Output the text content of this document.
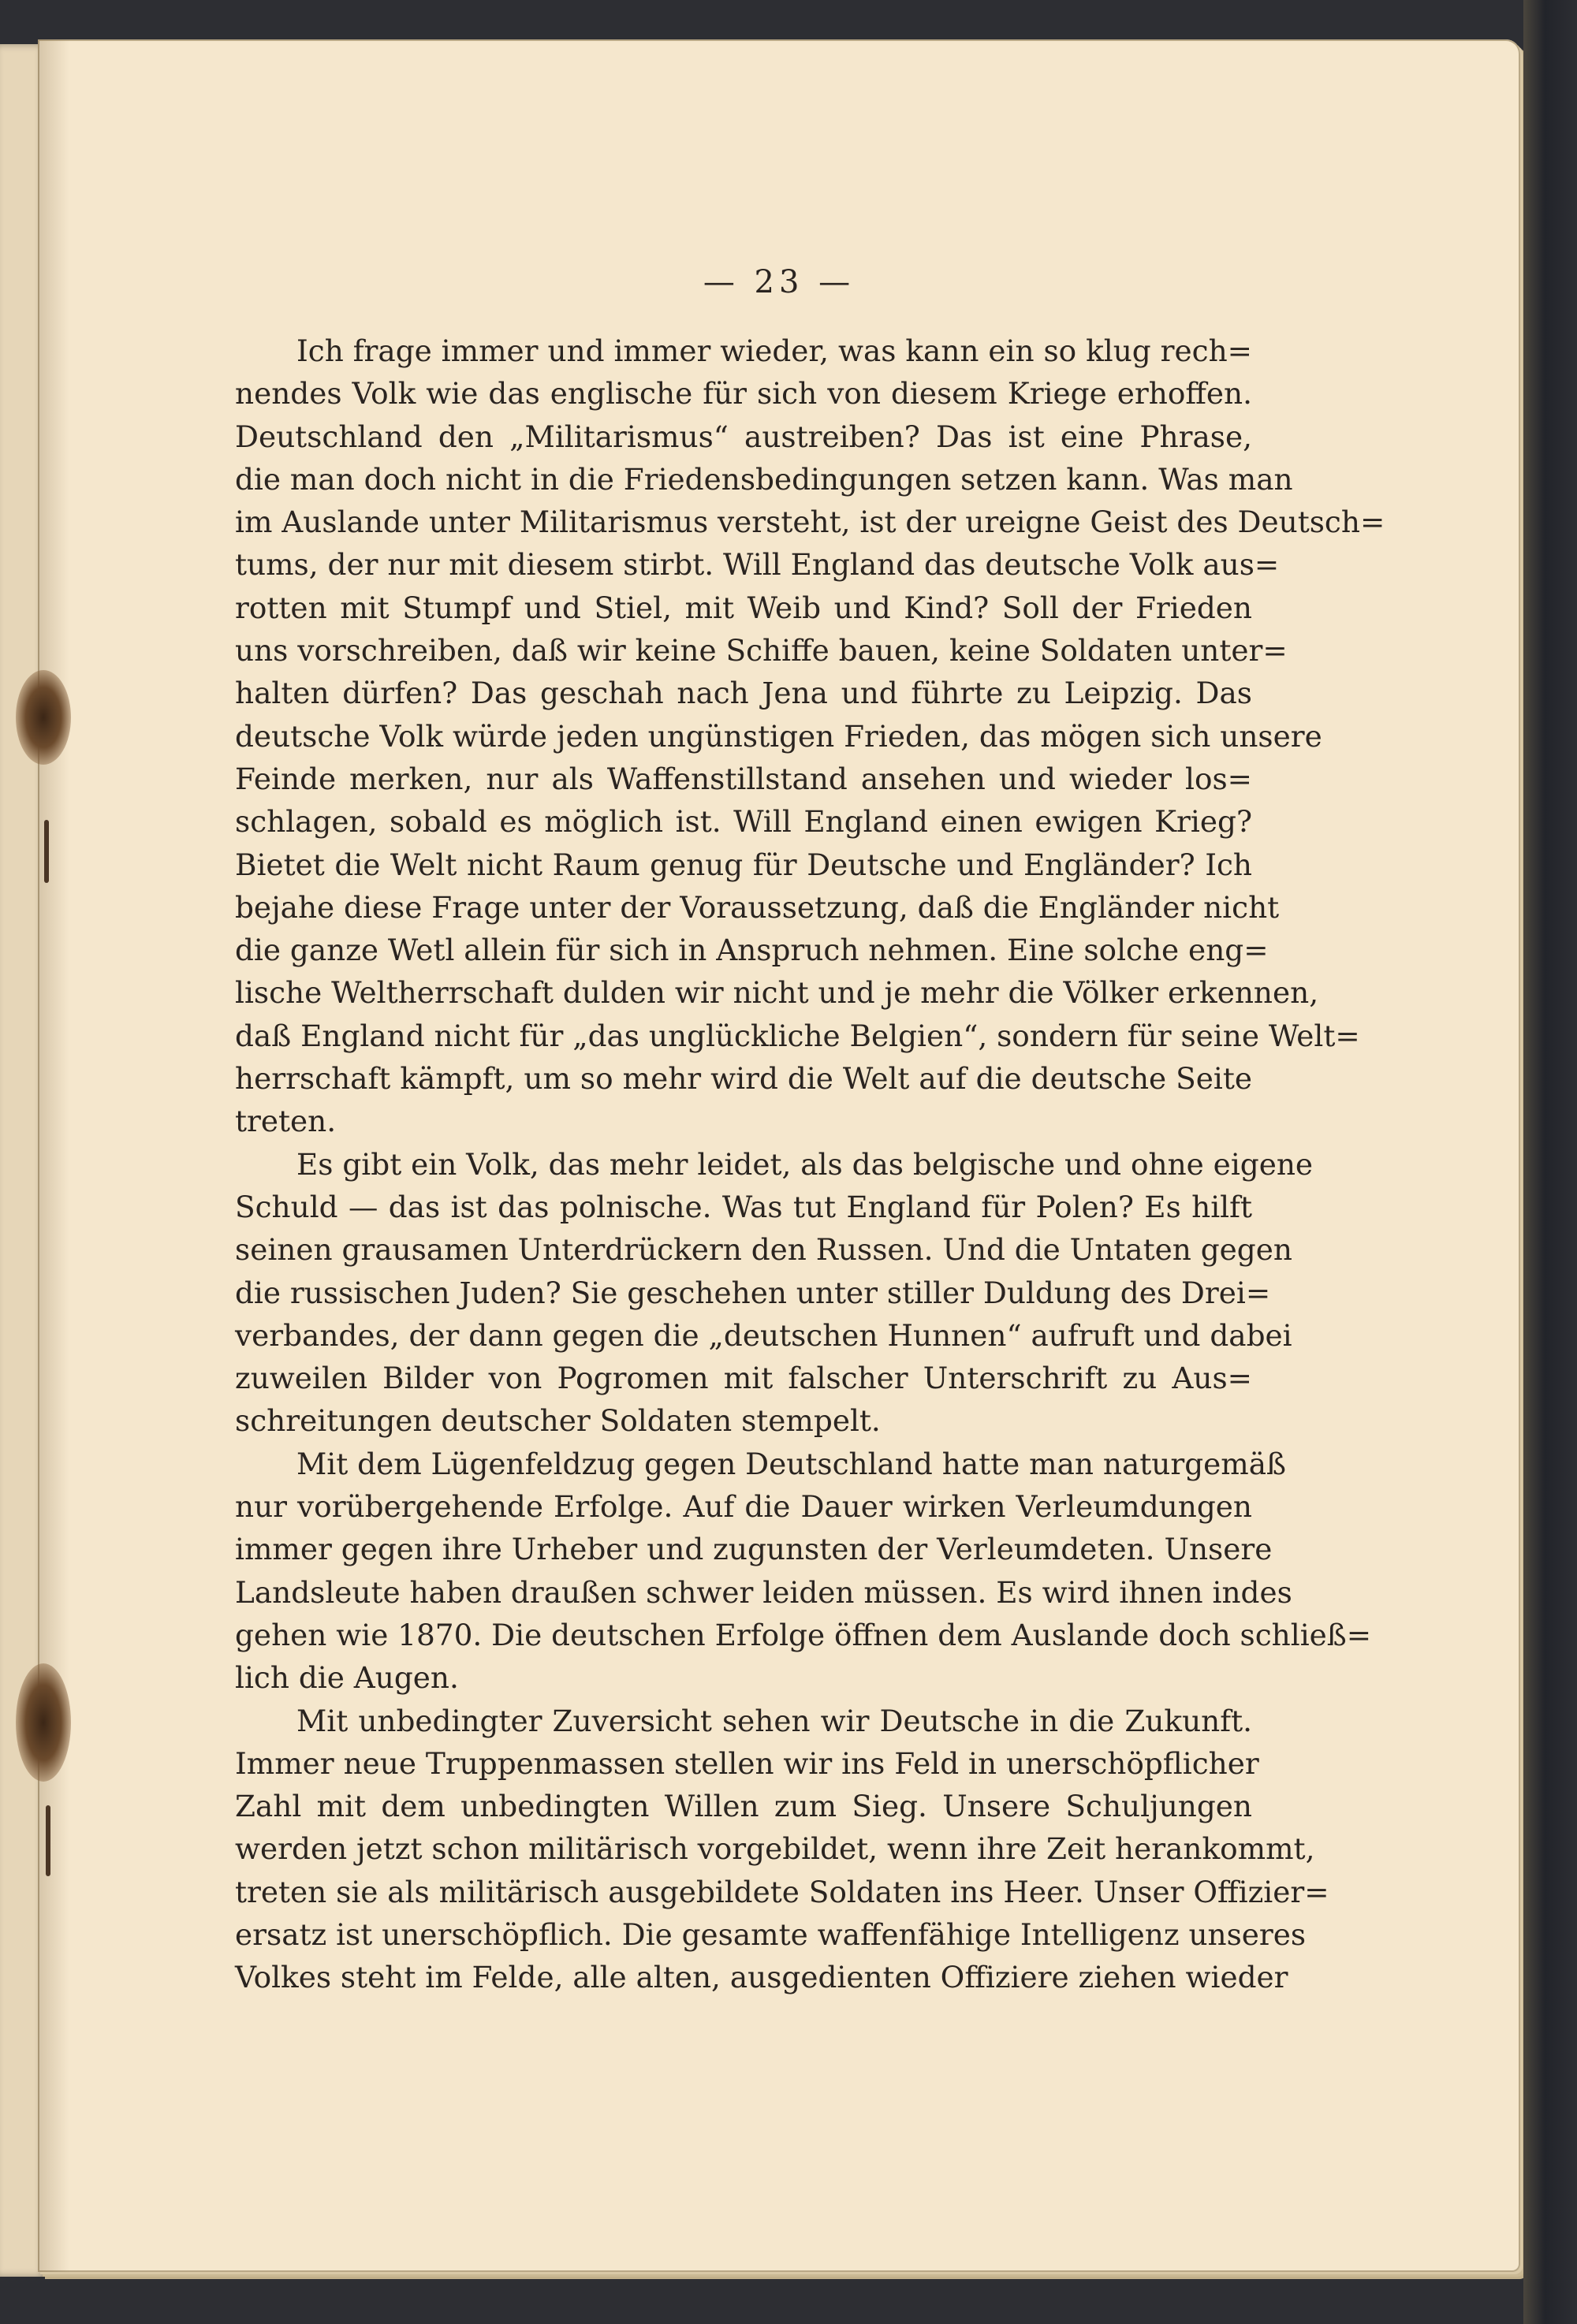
— 23 —
Ich frage immer und immer wieder, was kann ein so klug rech=
nendes Volk wie das englische für sich von diesem Kriege erhoffen.
Deutschland den „Militarismus“ austreiben? Das ist eine Phrase,
die man doch nicht in die Friedensbedingungen setzen kann. Was man
im Auslande unter Militarismus versteht, ist der ureigne Geist des Deutsch=
tums, der nur mit diesem stirbt. Will England das deutsche Volk aus=
rotten mit Stumpf und Stiel, mit Weib und Kind? Soll der Frieden
uns vorschreiben, daß wir keine Schiffe bauen, keine Soldaten unter=
halten dürfen? Das geschah nach Jena und führte zu Leipzig. Das
deutsche Volk würde jeden ungünstigen Frieden, das mögen sich unsere
Feinde merken, nur als Waffenstillstand ansehen und wieder los=
schlagen, sobald es möglich ist. Will England einen ewigen Krieg?
Bietet die Welt nicht Raum genug für Deutsche und Engländer? Ich
bejahe diese Frage unter der Voraussetzung, daß die Engländer nicht
die ganze Wetl allein für sich in Anspruch nehmen. Eine solche eng=
lische Weltherrschaft dulden wir nicht und je mehr die Völker erkennen,
daß England nicht für „das unglückliche Belgien“, sondern für seine Welt=
herrschaft kämpft, um so mehr wird die Welt auf die deutsche Seite
treten.
Es gibt ein Volk, das mehr leidet, als das belgische und ohne eigene
Schuld — das ist das polnische. Was tut England für Polen? Es hilft
seinen grausamen Unterdrückern den Russen. Und die Untaten gegen
die russischen Juden? Sie geschehen unter stiller Duldung des Drei=
verbandes, der dann gegen die „deutschen Hunnen“ aufruft und dabei
zuweilen Bilder von Pogromen mit falscher Unterschrift zu Aus=
schreitungen deutscher Soldaten stempelt.
Mit dem Lügenfeldzug gegen Deutschland hatte man naturgemäß
nur vorübergehende Erfolge. Auf die Dauer wirken Verleumdungen
immer gegen ihre Urheber und zugunsten der Verleumdeten. Unsere
Landsleute haben draußen schwer leiden müssen. Es wird ihnen indes
gehen wie 1870. Die deutschen Erfolge öffnen dem Auslande doch schließ=
lich die Augen.
Mit unbedingter Zuversicht sehen wir Deutsche in die Zukunft.
Immer neue Truppenmassen stellen wir ins Feld in unerschöpflicher
Zahl mit dem unbedingten Willen zum Sieg. Unsere Schuljungen
werden jetzt schon militärisch vorgebildet, wenn ihre Zeit herankommt,
treten sie als militärisch ausgebildete Soldaten ins Heer. Unser Offizier=
ersatz ist unerschöpflich. Die gesamte waffenfähige Intelligenz unseres
Volkes steht im Felde, alle alten, ausgedienten Offiziere ziehen wieder
